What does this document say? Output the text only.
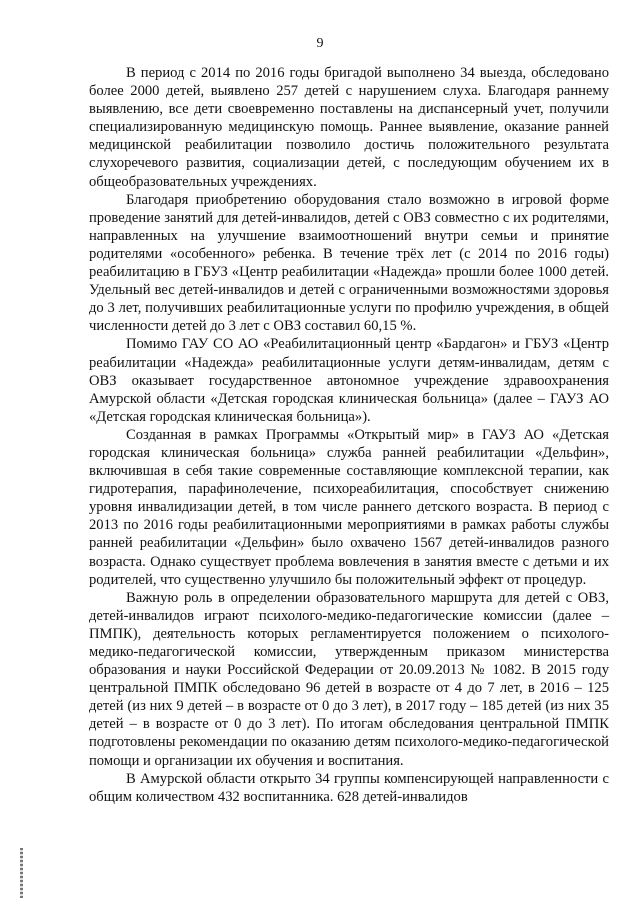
9

В период с 2014 по 2016 годы бригадой выполнено 34 выезда, обследовано более 2000 детей, выявлено 257 детей с нарушением слуха. Благодаря раннему выявлению, все дети своевременно поставлены на диспансерный учет, получили специализированную медицинскую помощь. Раннее выявление, оказание ранней медицинской реабилитации позволило достичь положительного результата слухоречевого развития, социализации детей, с последующим обучением их в общеобразовательных учреждениях.

Благодаря приобретению оборудования стало возможно в игровой форме проведение занятий для детей-инвалидов, детей с ОВЗ совместно с их родителями, направленных на улучшение взаимоотношений внутри семьи и принятие родителями «особенного» ребенка. В течение трёх лет (с 2014 по 2016 годы) реабилитацию в ГБУЗ «Центр реабилитации «Надежда» прошли более 1000 детей. Удельный вес детей-инвалидов и детей с ограниченными возможностями здоровья до 3 лет, получивших реабилитационные услуги по профилю учреждения, в общей численности детей до 3 лет с ОВЗ составил 60,15 %.

Помимо ГАУ СО АО «Реабилитационный центр «Бардагон» и ГБУЗ «Центр реабилитации «Надежда» реабилитационные услуги детям-инвалидам, детям с ОВЗ оказывает государственное автономное учреждение здравоохранения Амурской области «Детская городская клиническая больница» (далее – ГАУЗ АО «Детская городская клиническая больница»).

Созданная в рамках Программы «Открытый мир» в ГАУЗ АО «Детская городская клиническая больница» служба ранней реабилитации «Дельфин», включившая в себя такие современные составляющие комплексной терапии, как гидротерапия, парафинолечение, психореабилитация, способствует снижению уровня инвалидизации детей, в том числе раннего детского возраста. В период с 2013 по 2016 годы реабилитационными мероприятиями в рамках работы службы ранней реабилитации «Дельфин» было охвачено 1567 детей-инвалидов разного возраста. Однако существует проблема вовлечения в занятия вместе с детьми и их родителей, что существенно улучшило бы положительный эффект от процедур.

Важную роль в определении образовательного маршрута для детей с ОВЗ, детей-инвалидов играют психолого-медико-педагогические комиссии (далее – ПМПК), деятельность которых регламентируется положением о психолого-медико-педагогической комиссии, утвержденным приказом министерства образования и науки Российской Федерации от 20.09.2013 № 1082. В 2015 году центральной ПМПК обследовано 96 детей в возрасте от 4 до 7 лет, в 2016 – 125 детей (из них 9 детей – в возрасте от 0 до 3 лет), в 2017 году – 185 детей (из них 35 детей – в возрасте от 0 до 3 лет). По итогам обследования центральной ПМПК подготовлены рекомендации по оказанию детям психолого-медико-педагогической помощи и организации их обучения и воспитания.

В Амурской области открыто 34 группы компенсирующей направленности с общим количеством 432 воспитанника. 628 детей-инвалидов
